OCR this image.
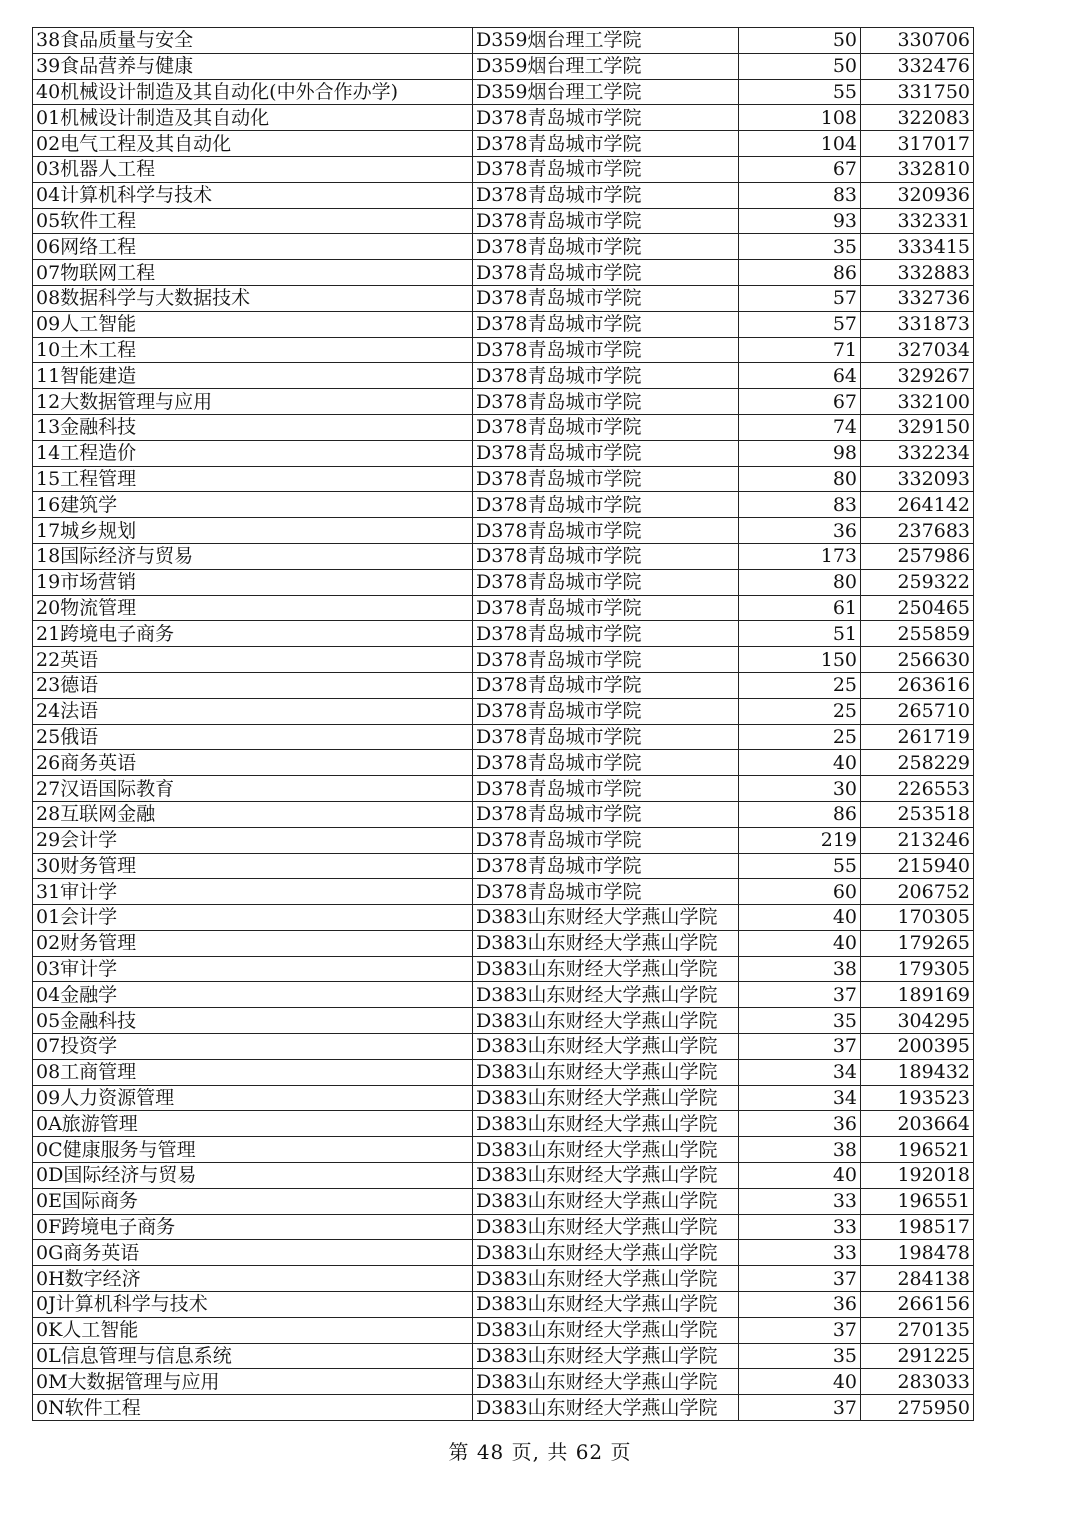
38食品质量与安全	D359烟台理工学院	50	330706
39食品营养与健康	D359烟台理工学院	50	332476
40机械设计制造及其自动化(中外合作办学)	D359烟台理工学院	55	331750
01机械设计制造及其自动化	D378青岛城市学院	108	322083
02电气工程及其自动化	D378青岛城市学院	104	317017
03机器人工程	D378青岛城市学院	67	332810
04计算机科学与技术	D378青岛城市学院	83	320936
05软件工程	D378青岛城市学院	93	332331
06网络工程	D378青岛城市学院	35	333415
07物联网工程	D378青岛城市学院	86	332883
08数据科学与大数据技术	D378青岛城市学院	57	332736
09人工智能	D378青岛城市学院	57	331873
10土木工程	D378青岛城市学院	71	327034
11智能建造	D378青岛城市学院	64	329267
12大数据管理与应用	D378青岛城市学院	67	332100
13金融科技	D378青岛城市学院	74	329150
14工程造价	D378青岛城市学院	98	332234
15工程管理	D378青岛城市学院	80	332093
16建筑学	D378青岛城市学院	83	264142
17城乡规划	D378青岛城市学院	36	237683
18国际经济与贸易	D378青岛城市学院	173	257986
19市场营销	D378青岛城市学院	80	259322
20物流管理	D378青岛城市学院	61	250465
21跨境电子商务	D378青岛城市学院	51	255859
22英语	D378青岛城市学院	150	256630
23德语	D378青岛城市学院	25	263616
24法语	D378青岛城市学院	25	265710
25俄语	D378青岛城市学院	25	261719
26商务英语	D378青岛城市学院	40	258229
27汉语国际教育	D378青岛城市学院	30	226553
28互联网金融	D378青岛城市学院	86	253518
29会计学	D378青岛城市学院	219	213246
30财务管理	D378青岛城市学院	55	215940
31审计学	D378青岛城市学院	60	206752
01会计学	D383山东财经大学燕山学院	40	170305
02财务管理	D383山东财经大学燕山学院	40	179265
03审计学	D383山东财经大学燕山学院	38	179305
04金融学	D383山东财经大学燕山学院	37	189169
05金融科技	D383山东财经大学燕山学院	35	304295
07投资学	D383山东财经大学燕山学院	37	200395
08工商管理	D383山东财经大学燕山学院	34	189432
09人力资源管理	D383山东财经大学燕山学院	34	193523
0A旅游管理	D383山东财经大学燕山学院	36	203664
0C健康服务与管理	D383山东财经大学燕山学院	38	196521
0D国际经济与贸易	D383山东财经大学燕山学院	40	192018
0E国际商务	D383山东财经大学燕山学院	33	196551
0F跨境电子商务	D383山东财经大学燕山学院	33	198517
0G商务英语	D383山东财经大学燕山学院	33	198478
0H数字经济	D383山东财经大学燕山学院	37	284138
0J计算机科学与技术	D383山东财经大学燕山学院	36	266156
0K人工智能	D383山东财经大学燕山学院	37	270135
0L信息管理与信息系统	D383山东财经大学燕山学院	35	291225
0M大数据管理与应用	D383山东财经大学燕山学院	40	283033
0N软件工程	D383山东财经大学燕山学院	37	275950
第 48 页, 共 62 页
